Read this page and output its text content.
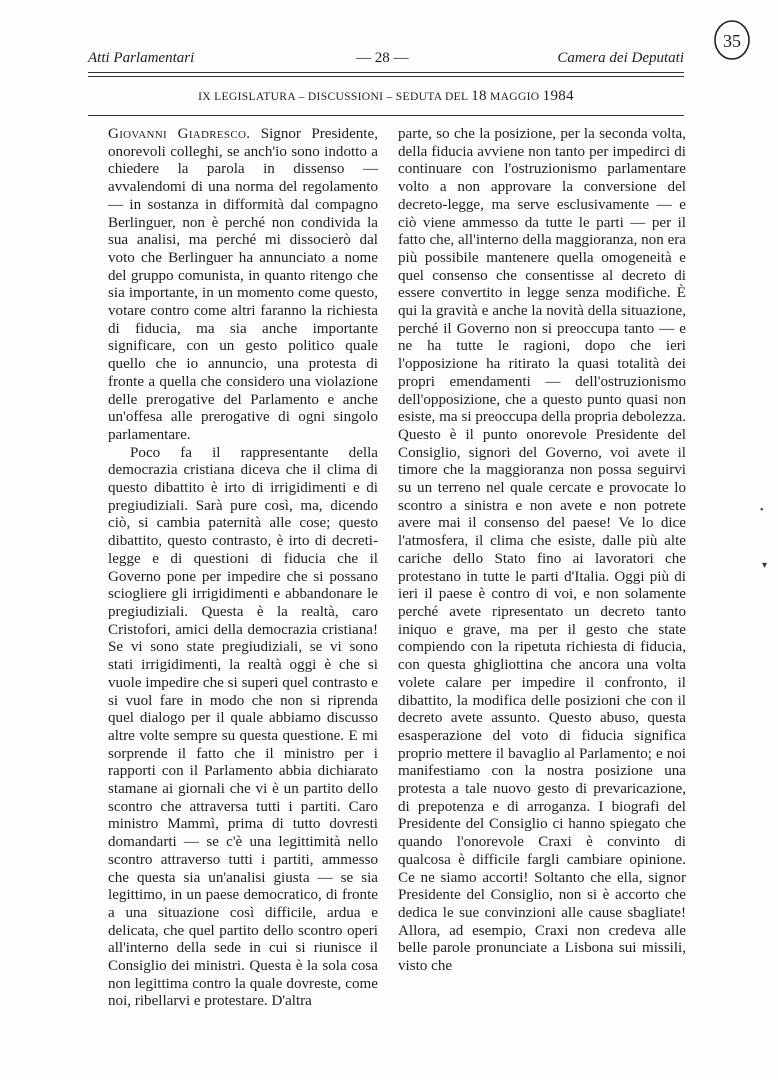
Atti Parlamentari	— 28 —	Camera dei Deputati
35
IX LEGISLATURA – DISCUSSIONI – SEDUTA DEL 18 MAGGIO 1984

Giovanni Giadresco. Signor Presidente, onorevoli colleghi, se anch'io sono indotto a chiedere la parola in dissenso — avvalendomi di una norma del regolamento — in sostanza in difformità dal compagno Berlinguer, non è perché non condivida la sua analisi, ma perché mi dissocierò dal voto che Berlinguer ha annunciato a nome del gruppo comunista, in quanto ritengo che sia importante, in un momento come questo, votare contro come altri faranno la richiesta di fiducia, ma sia anche importante significare, con un gesto politico quale quello che io annuncio, una protesta di fronte a quella che considero una violazione delle prerogative del Parlamento e anche un'offesa alle prerogative di ogni singolo parlamentare.

Poco fa il rappresentante della democrazia cristiana diceva che il clima di questo dibattito è irto di irrigidimenti e di pregiudiziali. Sarà pure così, ma, dicendo ciò, si cambia paternità alle cose; questo dibattito, questo contrasto, è irto di decreti-legge e di questioni di fiducia che il Governo pone per impedire che si possano sciogliere gli irrigidimenti e abbandonare le pregiudiziali. Questa è la realtà, caro Cristofori, amici della democrazia cristiana! Se vi sono state pregiudiziali, se vi sono stati irrigidimenti, la realtà oggi è che si vuole impedire che si superi quel contrasto e si vuol fare in modo che non si riprenda quel dialogo per il quale abbiamo discusso altre volte sempre su questa questione. E mi sorprende il fatto che il ministro per i rapporti con il Parlamento abbia dichiarato stamane ai giornali che vi è un partito dello scontro che attraversa tutti i partiti. Caro ministro Mammì, prima di tutto dovresti domandarti — se c'è una legittimità nello scontro attraverso tutti i partiti, ammesso che questa sia un'analisi giusta — se sia legittimo, in un paese democratico, di fronte a una situazione così difficile, ardua e delicata, che quel partito dello scontro operi all'interno della sede in cui si riunisce il Consiglio dei ministri. Questa è la sola cosa non legittima contro la quale dovreste, come noi, ribellarvi e protestare. D'altra

parte, so che la posizione, per la seconda volta, della fiducia avviene non tanto per impedirci di continuare con l'ostruzionismo parlamentare volto a non approvare la conversione del decreto-legge, ma serve esclusivamente — e ciò viene ammesso da tutte le parti — per il fatto che, all'interno della maggioranza, non era più possibile mantenere quella omogeneità e quel consenso che consentisse al decreto di essere convertito in legge senza modifiche. È qui la gravità e anche la novità della situazione, perché il Governo non si preoccupa tanto — e ne ha tutte le ragioni, dopo che ieri l'opposizione ha ritirato la quasi totalità dei propri emendamenti — dell'ostruzionismo dell'opposizione, che a questo punto quasi non esiste, ma si preoccupa della propria debolezza. Questo è il punto onorevole Presidente del Consiglio, signori del Governo, voi avete il timore che la maggioranza non possa seguirvi su un terreno nel quale cercate e provocate lo scontro a sinistra e non avete e non potrete avere mai il consenso del paese! Ve lo dice l'atmosfera, il clima che esiste, dalle più alte cariche dello Stato fino ai lavoratori che protestano in tutte le parti d'Italia. Oggi più di ieri il paese è contro di voi, e non solamente perché avete ripresentato un decreto tanto iniquo e grave, ma per il gesto che state compiendo con la ripetuta richiesta di fiducia, con questa ghigliottina che ancora una volta volete calare per impedire il confronto, il dibattito, la modifica delle posizioni che con il decreto avete assunto. Questo abuso, questa esasperazione del voto di fiducia significa proprio mettere il bavaglio al Parlamento; e noi manifestiamo con la nostra posizione una protesta a tale nuovo gesto di prevaricazione, di prepotenza e di arroganza. I biografi del Presidente del Consiglio ci hanno spiegato che quando l'onorevole Craxi è convinto di qualcosa è difficile fargli cambiare opinione. Ce ne siamo accorti! Soltanto che ella, signor Presidente del Consiglio, non si è accorto che dedica le sue convinzioni alle cause sbagliate! Allora, ad esempio, Craxi non credeva alle belle parole pronunciate a Lisbona sui missili, visto che

•
▾
